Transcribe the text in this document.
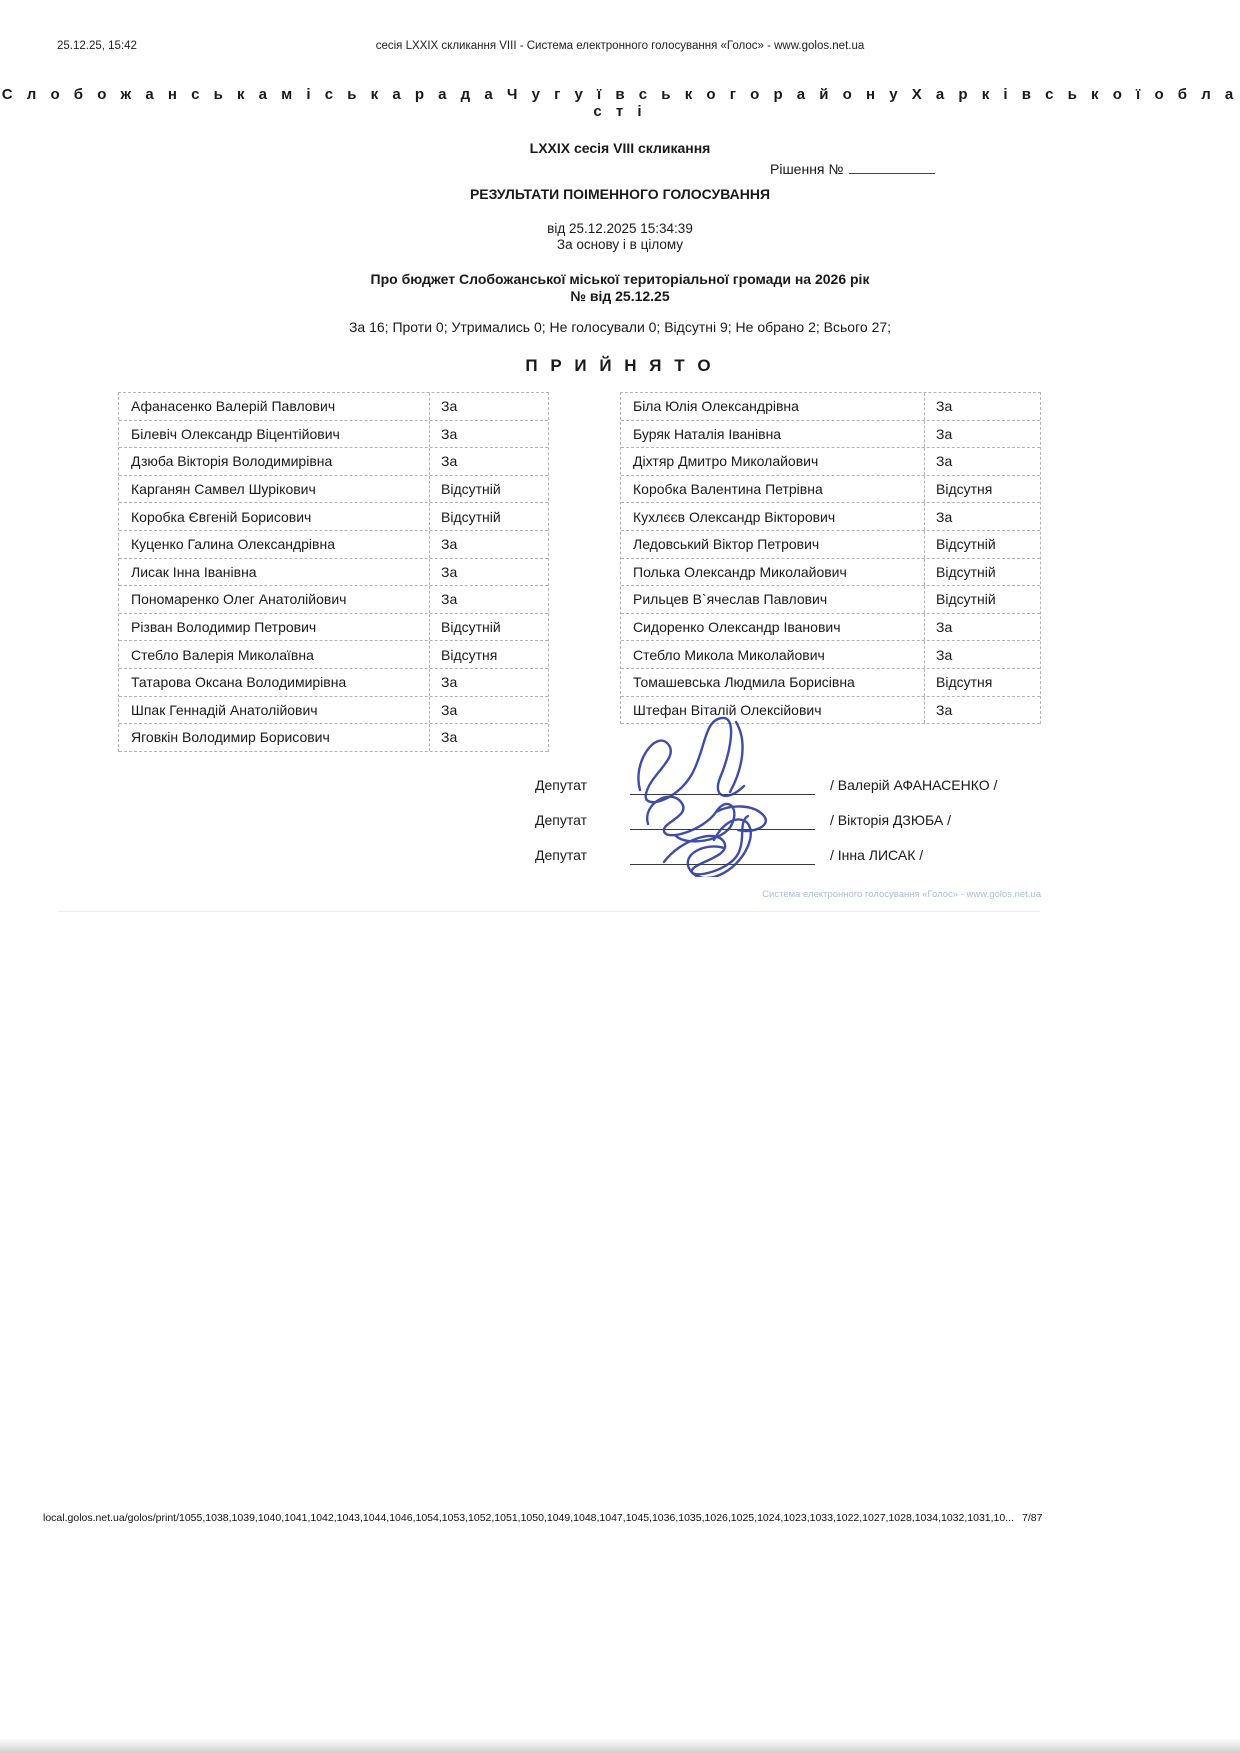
25.12.25, 15:42	сесія LXXIX скликання VIII - Система електронного голосування «Голос» - www.golos.net.ua
С л о б о ж а н с ь к а м і с ь к а р а д а Ч у г у ї в с ь к о г о р а й о н у Х а р к і в с ь к о ї о б л а с т і
LXXIX сесія VIII скликання
Рішення №
РЕЗУЛЬТАТИ ПОІМЕННОГО ГОЛОСУВАННЯ
від 25.12.2025 15:34:39
За основу і в цілому
Про бюджет Слобожанської міської територіальної громади на 2026 рік
№ від 25.12.25
За 16; Проти 0; Утримались 0; Не голосували 0; Відсутні 9; Не обрано 2; Всього 27;
П Р И Й Н Я Т О
Афанасенко Валерій Павлович	За
Білевіч Олександр Віцентійович	За
Дзюба Вікторія Володимирівна	За
Карганян Самвел Шурікович	Відсутній
Коробка Євгеній Борисович	Відсутній
Куценко Галина Олександрівна	За
Лисак Інна Іванівна	За
Пономаренко Олег Анатолійович	За
Різван Володимир Петрович	Відсутній
Стебло Валерія Миколаївна	Відсутня
Татарова Оксана Володимирівна	За
Шпак Геннадій Анатолійович	За
Яговкін Володимир Борисович	За
Біла Юлія Олександрівна	За
Буряк Наталія Іванівна	За
Діхтяр Дмитро Миколайович	За
Коробка Валентина Петрівна	Відсутня
Кухлєєв Олександр Вікторович	За
Ледовський Віктор Петрович	Відсутній
Полька Олександр Миколайович	Відсутній
Рильцев В`ячеслав Павлович	Відсутній
Сидоренко Олександр Іванович	За
Стебло Микола Миколайович	За
Томашевська Людмила Борисівна	Відсутня
Штефан Віталій Олексійович	За
Депутат	/ Валерій АФАНАСЕНКО /
Депутат	/ Вікторія ДЗЮБА /
Депутат	/ Інна ЛИСАК /
Система електронного голосування «Голос» - www.golos.net.ua
local.golos.net.ua/golos/print/1055,1038,1039,1040,1041,1042,1043,1044,1046,1054,1053,1052,1051,1050,1049,1048,1047,1045,1036,1035,1026,1025,1024,1023,1033,1022,1027,1028,1034,1032,1031,10... 7/87
